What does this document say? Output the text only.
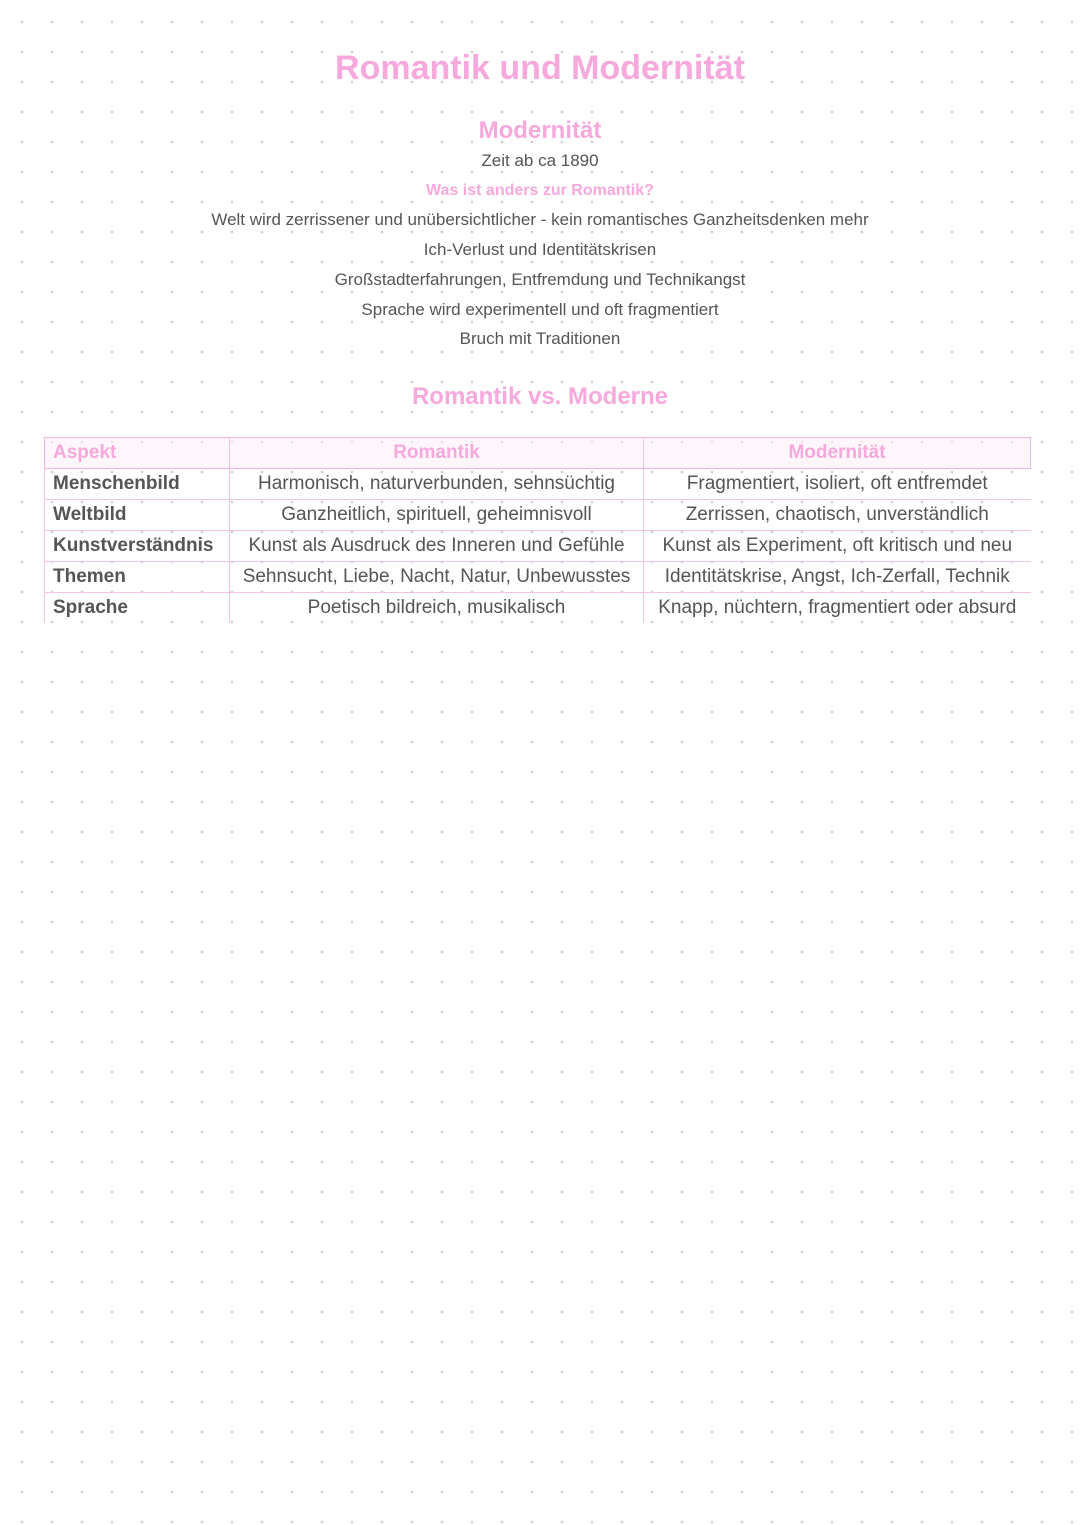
Romantik und Modernität
Modernität

Zeit ab ca 1890

Was ist anders zur Romantik?

Welt wird zerrissener und unübersichtlicher - kein romantisches Ganzheitsdenken mehr

Ich-Verlust und Identitätskrisen

Großstadterfahrungen, Entfremdung und Technikangst

Sprache wird experimentell und oft fragmentiert

Bruch mit Traditionen

Romantik vs. Moderne
Aspekt	Romantik	Modernität
Menschenbild	Harmonisch, naturverbunden, sehnsüchtig	Fragmentiert, isoliert, oft entfremdet
Weltbild	Ganzheitlich, spirituell, geheimnisvoll	Zerrissen, chaotisch, unverständlich
Kunstverständnis	Kunst als Ausdruck des Inneren und Gefühle	Kunst als Experiment, oft kritisch und neu
Themen	Sehnsucht, Liebe, Nacht, Natur, Unbewusstes	Identitätskrise, Angst, Ich-Zerfall, Technik
Sprache	Poetisch bildreich, musikalisch	Knapp, nüchtern, fragmentiert oder absurd
